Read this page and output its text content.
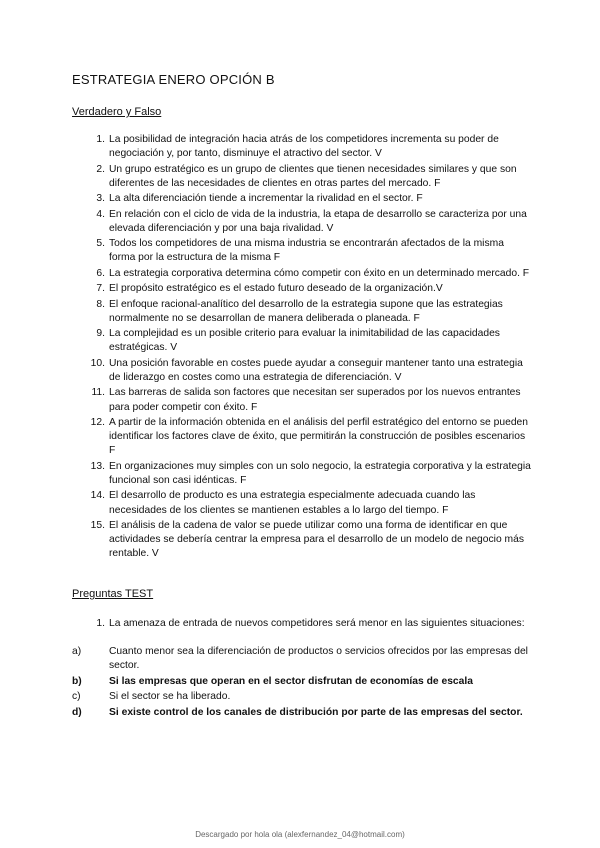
ESTRATEGIA ENERO OPCIÓN B
Verdadero y Falso
1. La posibilidad de integración hacia atrás de los competidores incrementa su poder de negociación y, por tanto, disminuye el atractivo del sector. V
2. Un grupo estratégico es un grupo de clientes que tienen necesidades similares y que son diferentes de las necesidades de clientes en otras partes del mercado. F
3. La alta diferenciación tiende a incrementar la rivalidad en el sector. F
4. En relación con el ciclo de vida de la industria, la etapa de desarrollo se caracteriza por una elevada diferenciación y por una baja rivalidad. V
5. Todos los competidores de una misma industria se encontrarán afectados de la misma forma por la estructura de la misma F
6. La estrategia corporativa determina cómo competir con éxito en un determinado mercado. F
7. El propósito estratégico es el estado futuro deseado de la organización.V
8. El enfoque racional-analítico del desarrollo de la estrategia supone que las estrategias normalmente no se desarrollan de manera deliberada o planeada. F
9. La complejidad es un posible criterio para evaluar la inimitabilidad de las capacidades estratégicas. V
10. Una posición favorable en costes puede ayudar a conseguir mantener tanto una estrategia de liderazgo en costes como una estrategia de diferenciación. V
11. Las barreras de salida son factores que necesitan ser superados por los nuevos entrantes para poder competir con éxito. F
12. A partir de la información obtenida en el análisis del perfil estratégico del entorno se pueden identificar los factores clave de éxito, que permitirán la construcción de posibles escenarios F
13. En organizaciones muy simples con un solo negocio, la estrategia corporativa y la estrategia funcional son casi idénticas. F
14. El desarrollo de producto es una estrategia especialmente adecuada cuando las necesidades de los clientes se mantienen estables a lo largo del tiempo. F
15. El análisis de la cadena de valor se puede utilizar como una forma de identificar en que actividades se debería centrar la empresa para el desarrollo de un modelo de negocio más rentable. V
Preguntas TEST
1. La amenaza de entrada de nuevos competidores será menor en las siguientes situaciones:
a)	Cuanto menor sea la diferenciación de productos o servicios ofrecidos por las empresas del sector.
b)	Si las empresas que operan en el sector disfrutan de economías de escala
c)	Si el sector se ha liberado.
d)	Si existe control de los canales de distribución por parte de las empresas del sector.
Descargado por hola ola (alexfernandez_04@hotmail.com)
